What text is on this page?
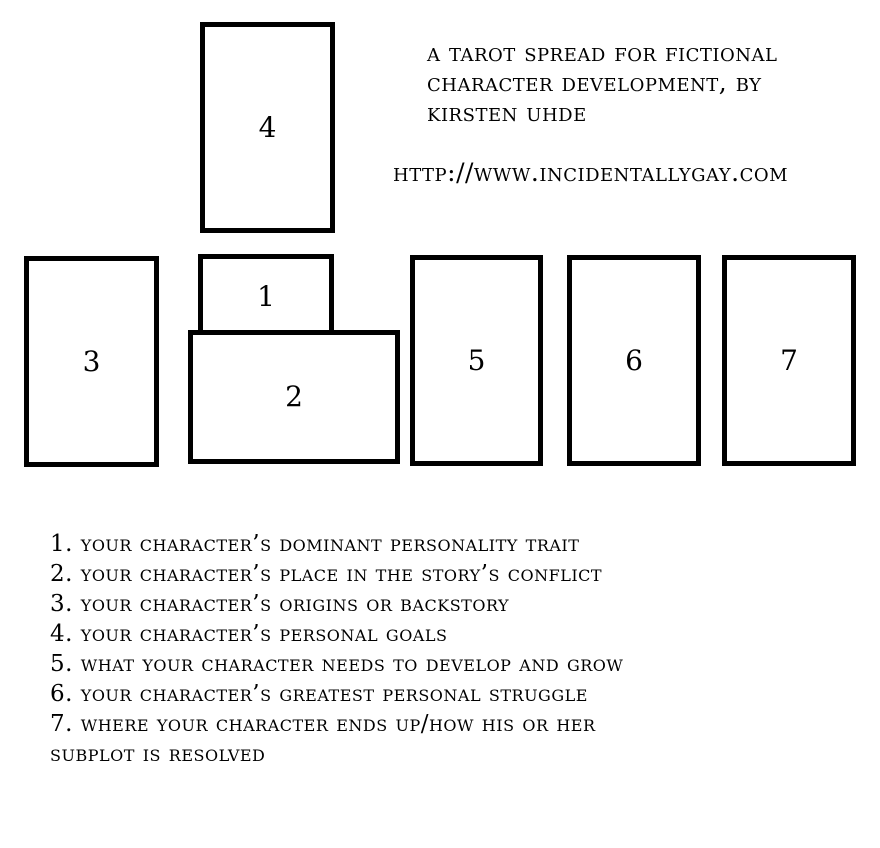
4
3
1
2
5	6	7
a tarot spread for fictional
character development, by
kirsten uhde
http://www.incidentallygay.com
1. your character’s dominant personality trait
2. your character’s place in the story’s conflict
3. your character’s origins or backstory
4. your character’s personal goals
5. what your character needs to develop and grow
6. your character’s greatest personal struggle
7. where your character ends up/how his or her
subplot is resolved
